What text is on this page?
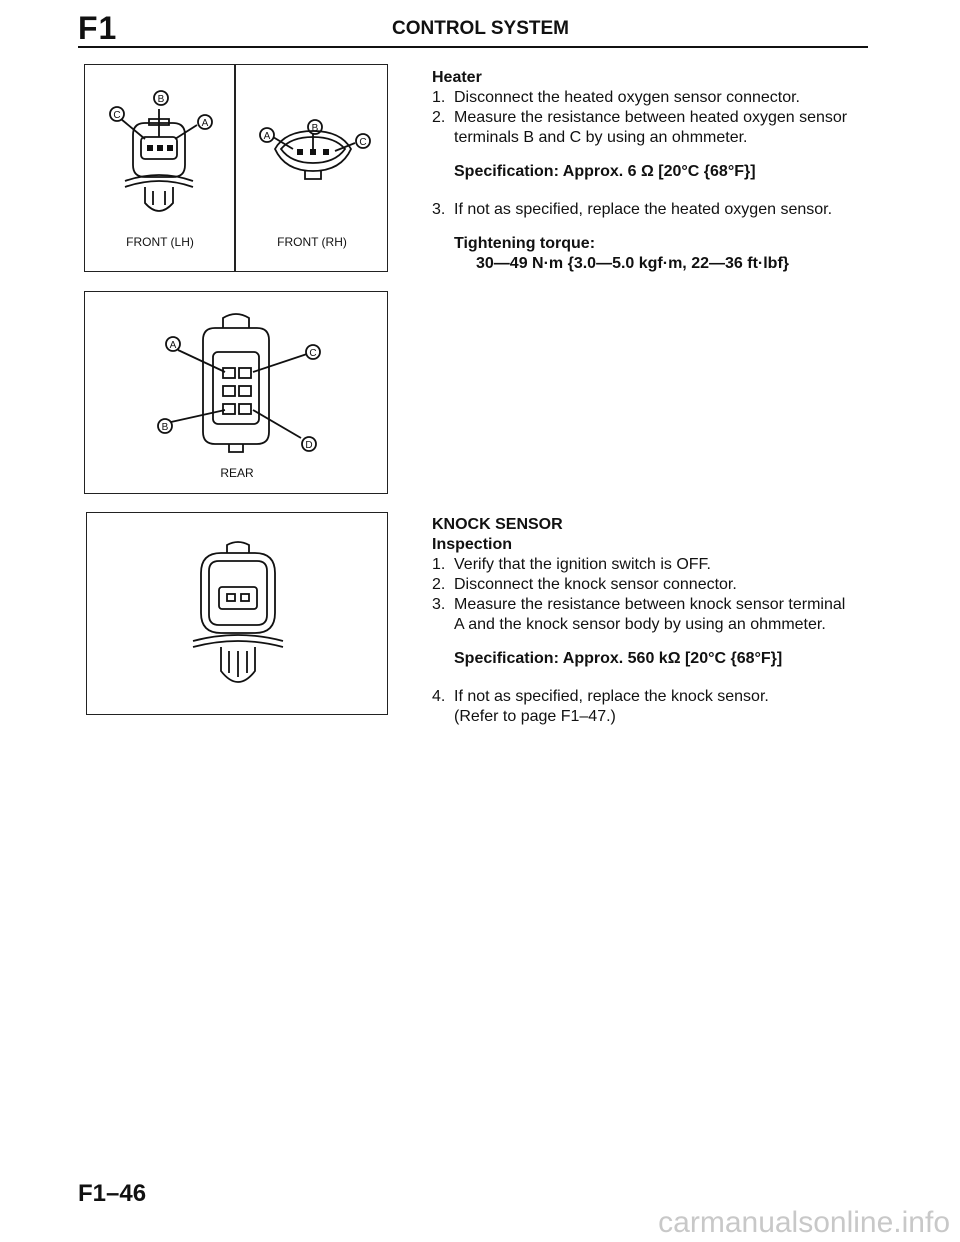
F1	CONTROL SYSTEM
B
C
A
A
B
C
FRONT (LH)	FRONT (RH)
A
B
C
D
REAR
Heater
1. Disconnect the heated oxygen sensor connector.
2. Measure the resistance between heated oxygen sensor
terminals B and C by using an ohmmeter.
Specification: Approx. 6 Ω [20°C {68°F}]
3. If not as specified, replace the heated oxygen sensor.
Tightening torque:
30—49 N·m {3.0—5.0 kgf·m, 22—36 ft·lbf}
KNOCK SENSOR
Inspection
1. Verify that the ignition switch is OFF.
2. Disconnect the knock sensor connector.
3. Measure the resistance between knock sensor terminal
A and the knock sensor body by using an ohmmeter.
Specification: Approx. 560 kΩ [20°C {68°F}]
4. If not as specified, replace the knock sensor.
(Refer to page F1–47.)
F1–46
carmanualsonline.info
